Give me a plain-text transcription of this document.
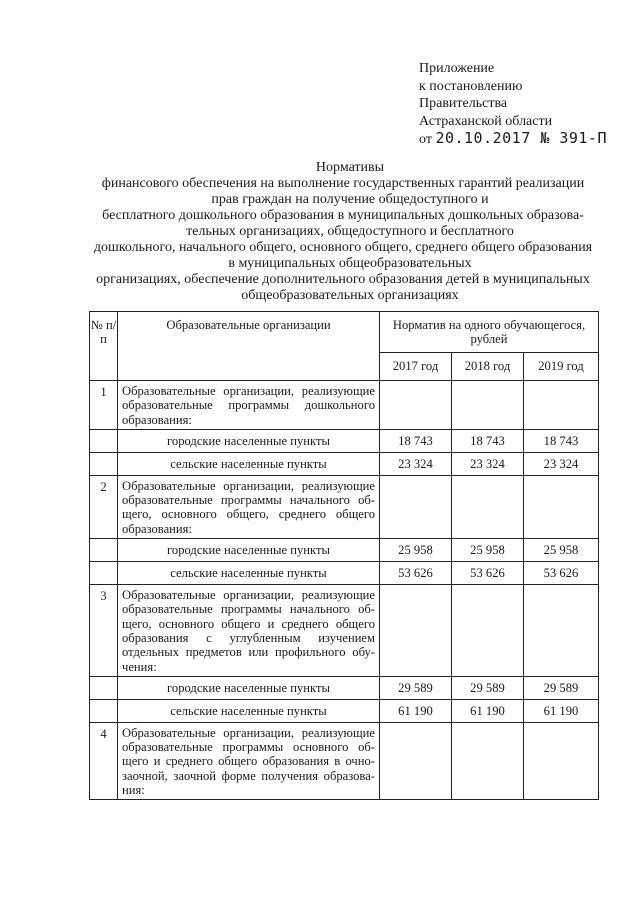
Приложение
к постановлению
Правительства
Астраханской области
от 20.10.2017 № 391-П
Нормативы
финансового обеспечения на выполнение государственных гарантий реализации
прав граждан на получение общедоступного и
бесплатного дошкольного образования в муниципальных дошкольных образова-
тельных организациях, общедоступного и бесплатного
дошкольного, начального общего, основного общего, среднего общего образования
в муниципальных общеобразовательных
организациях, обеспечение дополнительного образования детей в муниципальных
общеобразовательных организациях
№ п/п	Образовательные организации	Норматив на одного обучающегося, рублей		
		2017 год	2018 год	2019 год
1	Образовательные организации, реализующие образовательные программы дошкольного образования:			
	городские населенные пункты	18 743	18 743	18 743
	сельские населенные пункты	23 324	23 324	23 324
2	Образовательные организации, реализующие образовательные программы начального об-щего, основного общего, среднего общего образования:			
	городские населенные пункты	25 958	25 958	25 958
	сельские населенные пункты	53 626	53 626	53 626
3	Образовательные организации, реализующие образовательные программы начального об-щего, основного общего и среднего общего образования с углубленным изучением отдельных предметов или профильного обу-чения:			
	городские населенные пункты	29 589	29 589	29 589
	сельские населенные пункты	61 190	61 190	61 190
4	Образовательные организации, реализующие образовательные программы основного об-щего и среднего общего образования в очно-заочной, заочной форме получения образова-ния:			
